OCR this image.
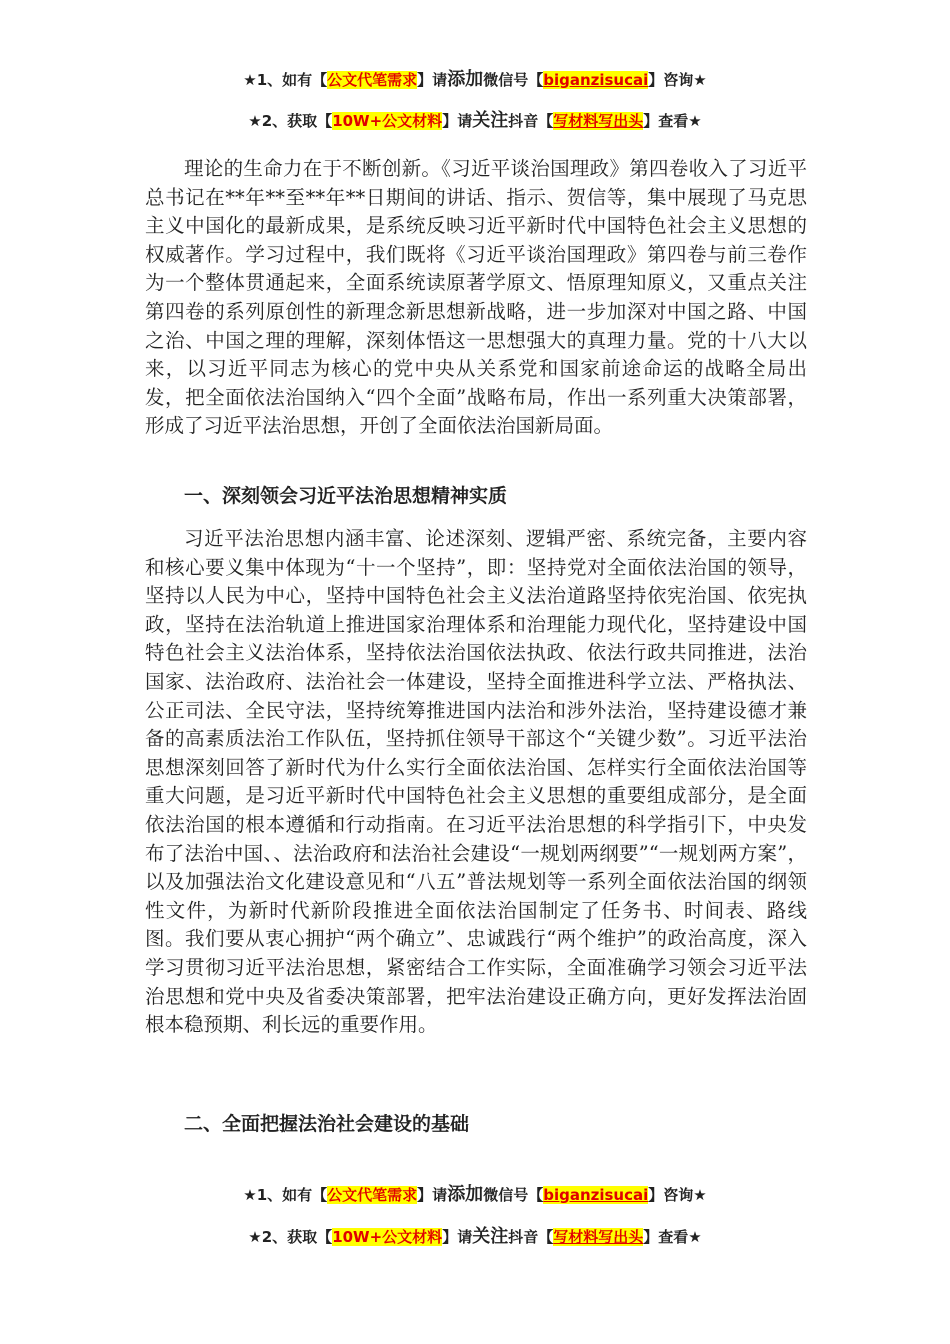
★1、如有【公文代笔需求】请添加微信号【biganzisucai】咨询★
★2、获取【10W+公文材料】请关注抖音【写材料写出头】查看★

理论的生命力在于不断创新。《习近平谈治国理政》第四卷收入了习近平总书记在**年**至**年**日期间的讲话、指示、贺信等，集中展现了马克思主义中国化的最新成果，是系统反映习近平新时代中国特色社会主义思想的权威著作。学习过程中，我们既将《习近平谈治国理政》第四卷与前三卷作为一个整体贯通起来，全面系统读原著学原文、悟原理知原义，又重点关注第四卷的系列原创性的新理念新思想新战略，进一步加深对中国之路、中国之治、中国之理的理解，深刻体悟这一思想强大的真理力量。党的十八大以来，以习近平同志为核心的党中央从关系党和国家前途命运的战略全局出发，把全面依法治国纳入“四个全面”战略布局，作出一系列重大决策部署，形成了习近平法治思想，开创了全面依法治国新局面。

一、深刻领会习近平法治思想精神实质

习近平法治思想内涵丰富、论述深刻、逻辑严密、系统完备，主要内容和核心要义集中体现为“十一个坚持”，即：坚持党对全面依法治国的领导，坚持以人民为中心，坚持中国特色社会主义法治道路坚持依宪治国、依宪执政，坚持在法治轨道上推进国家治理体系和治理能力现代化，坚持建设中国特色社会主义法治体系，坚持依法治国依法执政、依法行政共同推进，法治国家、法治政府、法治社会一体建设，坚持全面推进科学立法、严格执法、公正司法、全民守法，坚持统筹推进国内法治和涉外法治，坚持建设德才兼备的高素质法治工作队伍，坚持抓住领导干部这个“关键少数”。习近平法治思想深刻回答了新时代为什么实行全面依法治国、怎样实行全面依法治国等重大问题，是习近平新时代中国特色社会主义思想的重要组成部分，是全面依法治国的根本遵循和行动指南。在习近平法治思想的科学指引下，中央发布了法治中国、、法治政府和法治社会建设“一规划两纲要”“一规划两方案”，以及加强法治文化建设意见和“八五”普法规划等一系列全面依法治国的纲领性文件，为新时代新阶段推进全面依法治国制定了任务书、时间表、路线图。我们要从衷心拥护“两个确立”、忠诚践行“两个维护”的政治高度，深入学习贯彻习近平法治思想，紧密结合工作实际，全面准确学习领会习近平法治思想和党中央及省委决策部署，把牢法治建设正确方向，更好发挥法治固根本稳预期、利长远的重要作用。

二、全面把握法治社会建设的基础
★1、如有【公文代笔需求】请添加微信号【biganzisucai】咨询★
★2、获取【10W+公文材料】请关注抖音【写材料写出头】查看★
